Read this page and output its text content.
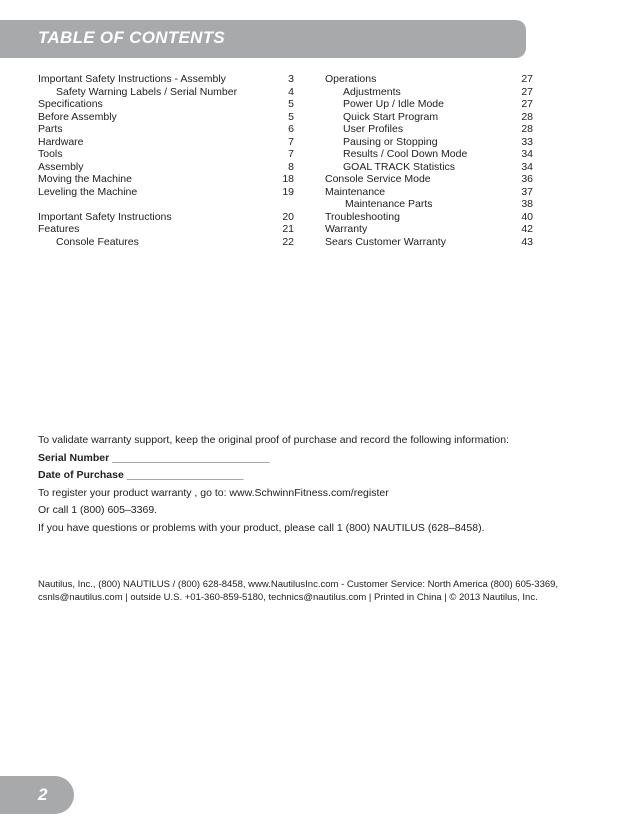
TABLE OF CONTENTS
Important Safety Instructions - Assembly	3
Safety Warning Labels / Serial Number	4
Specifications	5
Before Assembly	5
Parts	6
Hardware	7
Tools	7
Assembly	8
Moving the Machine	18
Leveling the Machine	19
Important Safety Instructions	20
Features	21
Console Features	22
Operations	27
Adjustments	27
Power Up / Idle Mode	27
Quick Start Program	28
User Profiles	28
Pausing or Stopping	33
Results / Cool Down Mode	34
GOAL TRACK Statistics	34
Console Service Mode	36
Maintenance	37
Maintenance Parts	38
Troubleshooting	40
Warranty	42
Sears Customer Warranty	43

To validate warranty support, keep the original proof of purchase and record the following information:

Serial Number ___________________________

Date of Purchase ____________________

To register your product warranty , go to: www.SchwinnFitness.com/register

Or call 1 (800) 605–3369.

If you have questions or problems with your product, please call 1 (800) NAUTILUS (628–8458).

Nautilus, Inc., (800) NAUTILUS / (800) 628-8458, www.NautilusInc.com - Customer Service: North America (800) 605-3369,

csnls@nautilus.com | outside U.S. +01-360-859-5180, technics@nautilus.com | Printed in China | © 2013 Nautilus, Inc.

2
